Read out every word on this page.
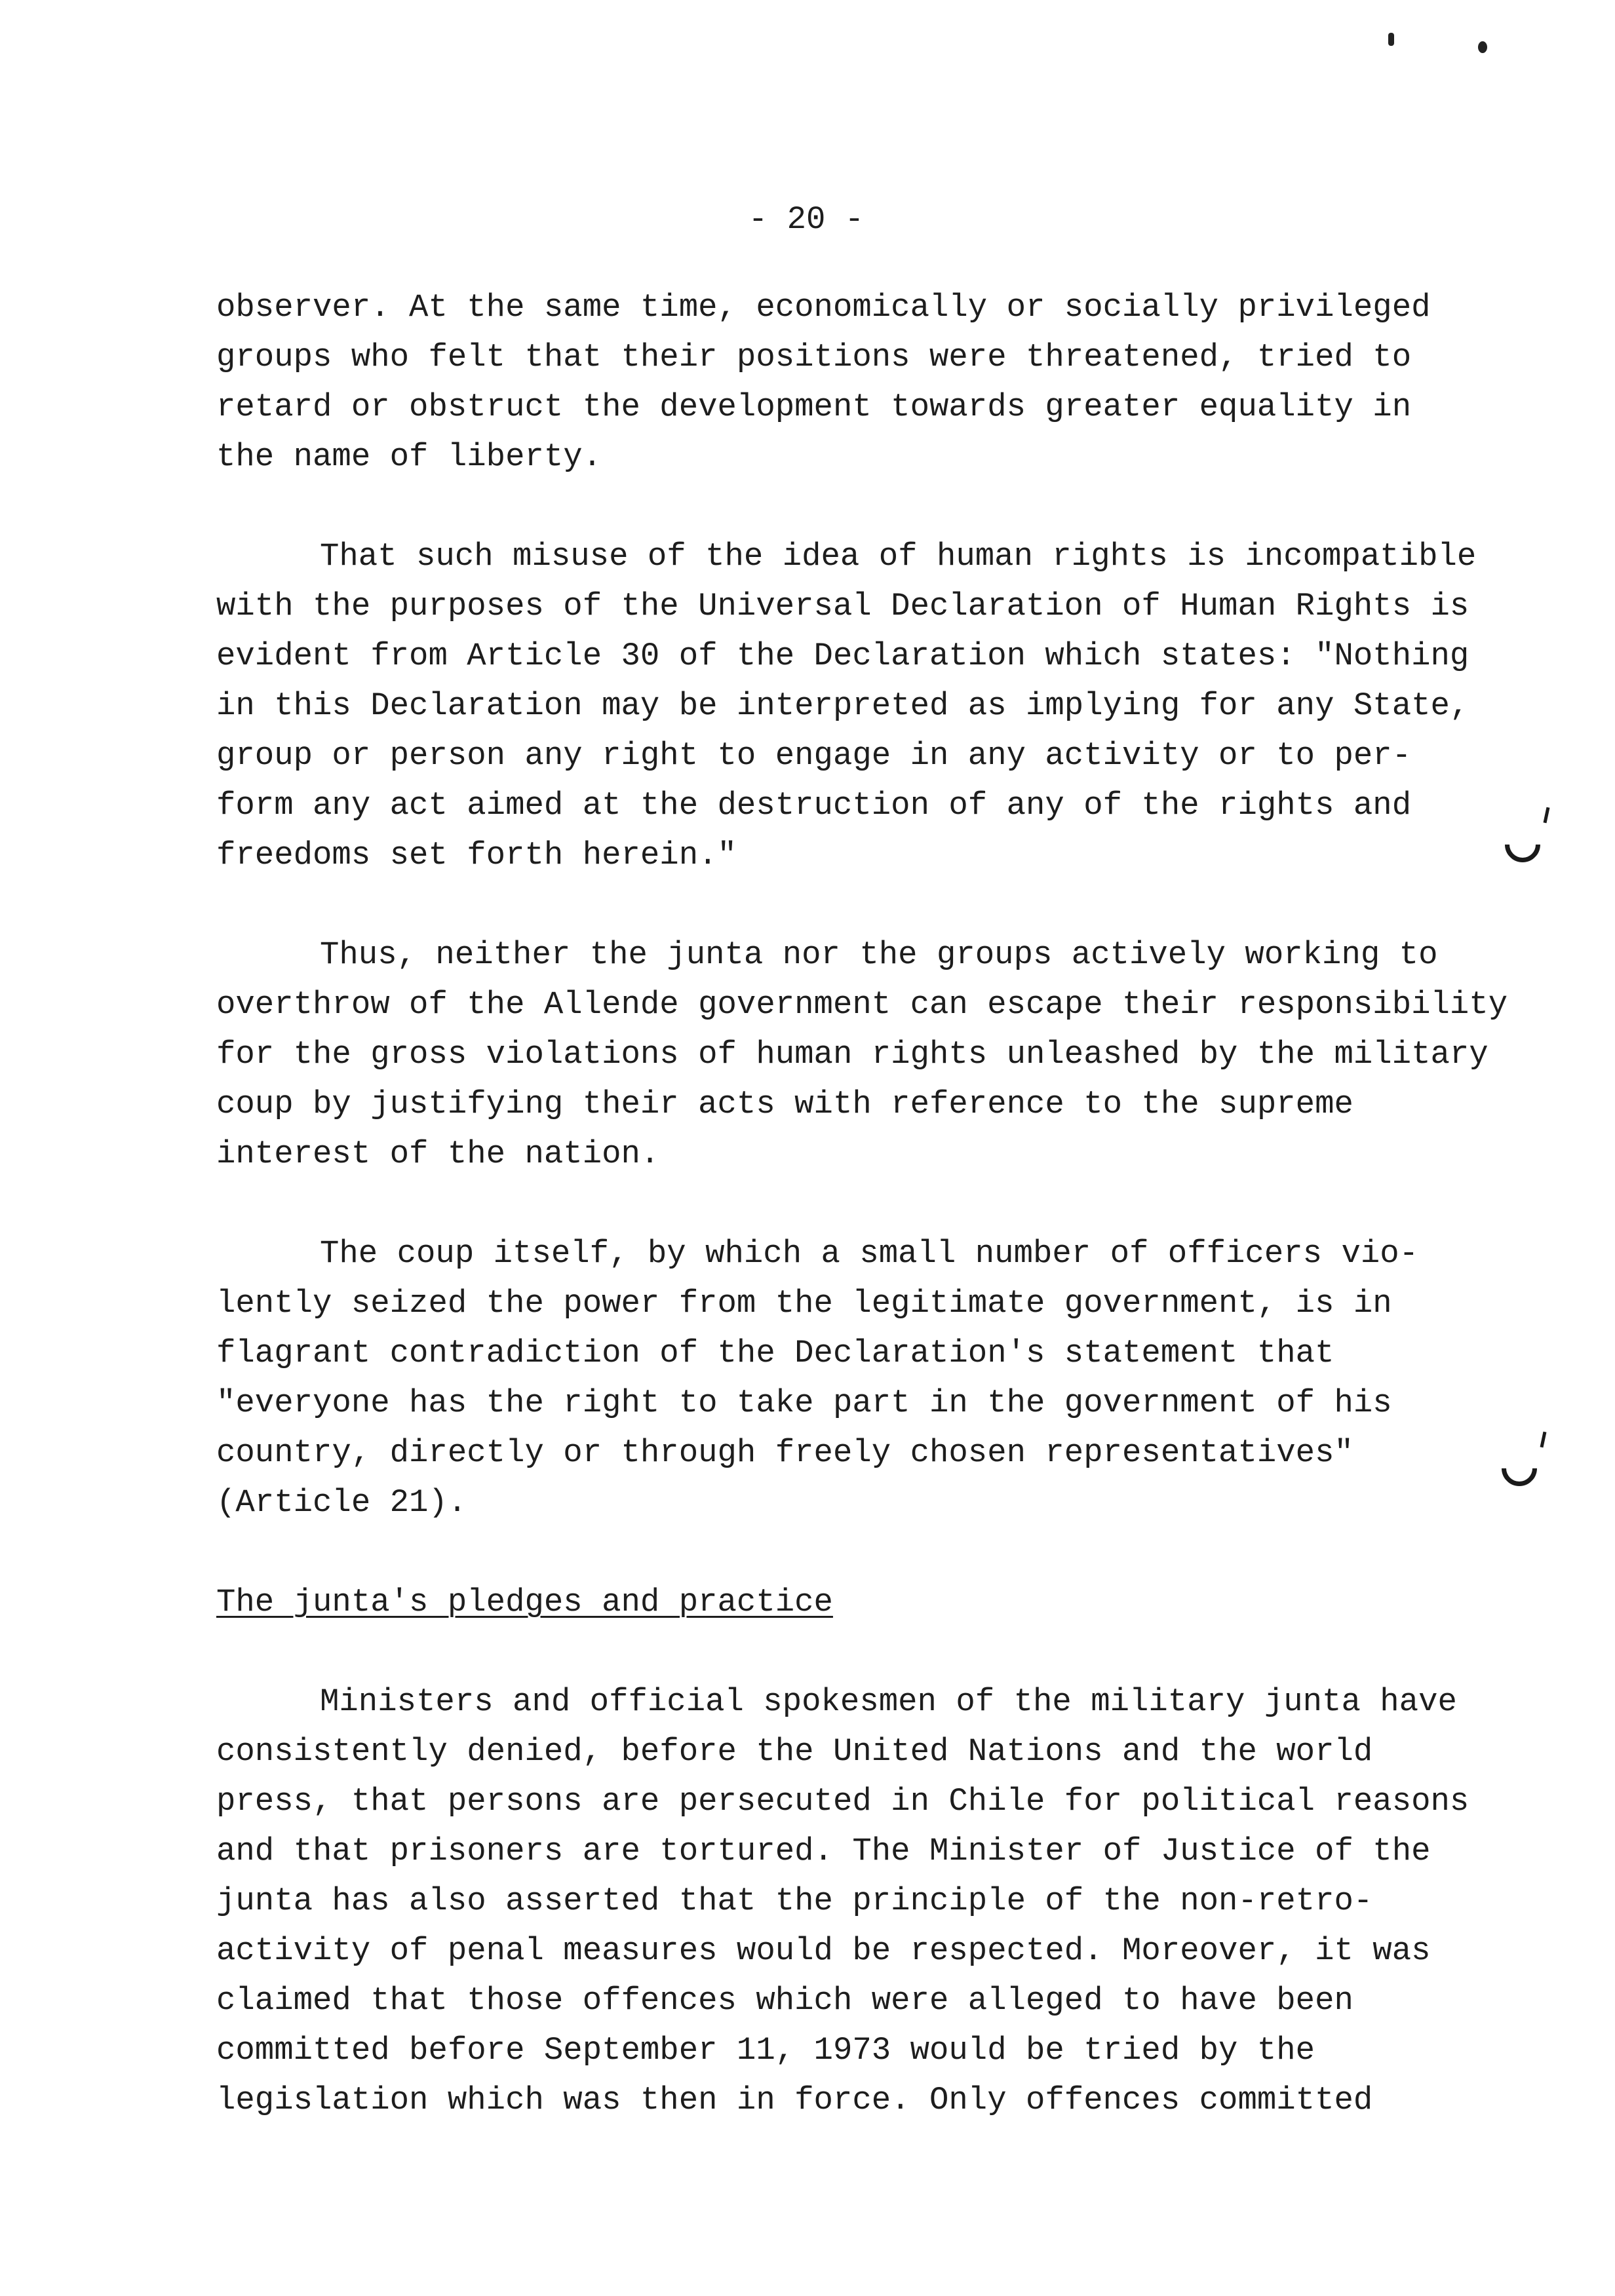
- 20 -
observer. At the same time, economically or socially privileged
groups who felt that their positions were threatened, tried to
retard or obstruct the development towards greater equality in
the name of liberty.
That such misuse of the idea of human rights is incompatible
with the purposes of the Universal Declaration of Human Rights is
evident from Article 30 of the Declaration which states: "Nothing
in this Declaration may be interpreted as implying for any State,
group or person any right to engage in any activity or to per-
form any act aimed at the destruction of any of the rights and
freedoms set forth herein."
Thus, neither the junta nor the groups actively working to
overthrow of the Allende government can escape their responsibility
for the gross violations of human rights unleashed by the military
coup by justifying their acts with reference to the supreme
interest of the nation.
The coup itself, by which a small number of officers vio-
lently seized the power from the legitimate government, is in
flagrant contradiction of the Declaration's statement that
"everyone has the right to take part in the government of his
country, directly or through freely chosen representatives"
(Article 21).
The junta's pledges and practice
Ministers and official spokesmen of the military junta have
consistently denied, before the United Nations and the world
press, that persons are persecuted in Chile for political reasons
and that prisoners are tortured. The Minister of Justice of the
junta has also asserted that the principle of the non-retro-
activity of penal measures would be respected. Moreover, it was
claimed that those offences which were alleged to have been
committed before September 11, 1973 would be tried by the
legislation which was then in force. Only offences committed
